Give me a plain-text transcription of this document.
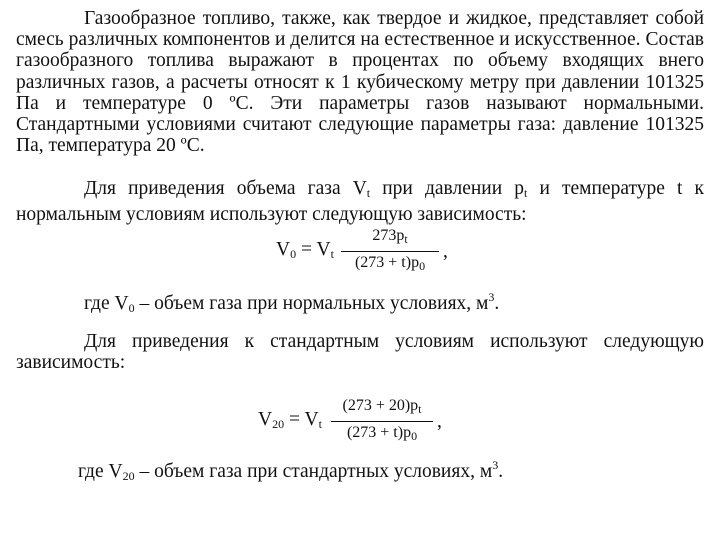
Газообразное топливо, также, как твердое и жидкое, представляет собой смесь различных компонентов и делится на естественное и искусственное. Состав газообразного топлива выражают в процентах по объему входящих внего различных газов, а расчеты относят к 1 кубическому метру при давлении 101325 Па и температуре 0 ºС. Эти параметры газов называют нормальными. Стандартными условиями считают следующие параметры газа: давление 101325 Па, температура 20 ºС.

Для приведения объема газа $V_t$ при давлении $p_t$ и температуре t к нормальным условиям используют следующую зависимость:

$V_0 = V_t$
$273p_t$
$(273 + t)p_0$
,
где $V_0$ – объем газа при нормальных условиях, $м^3$.

Для приведения к стандартным условиям используют следующую зависимость:

$V_{20} = V_t$
$(273 + 20)p_t$
$(273 + t)p_0$
,
где $V_{20}$ – объем газа при стандартных условиях, $м^3$.
